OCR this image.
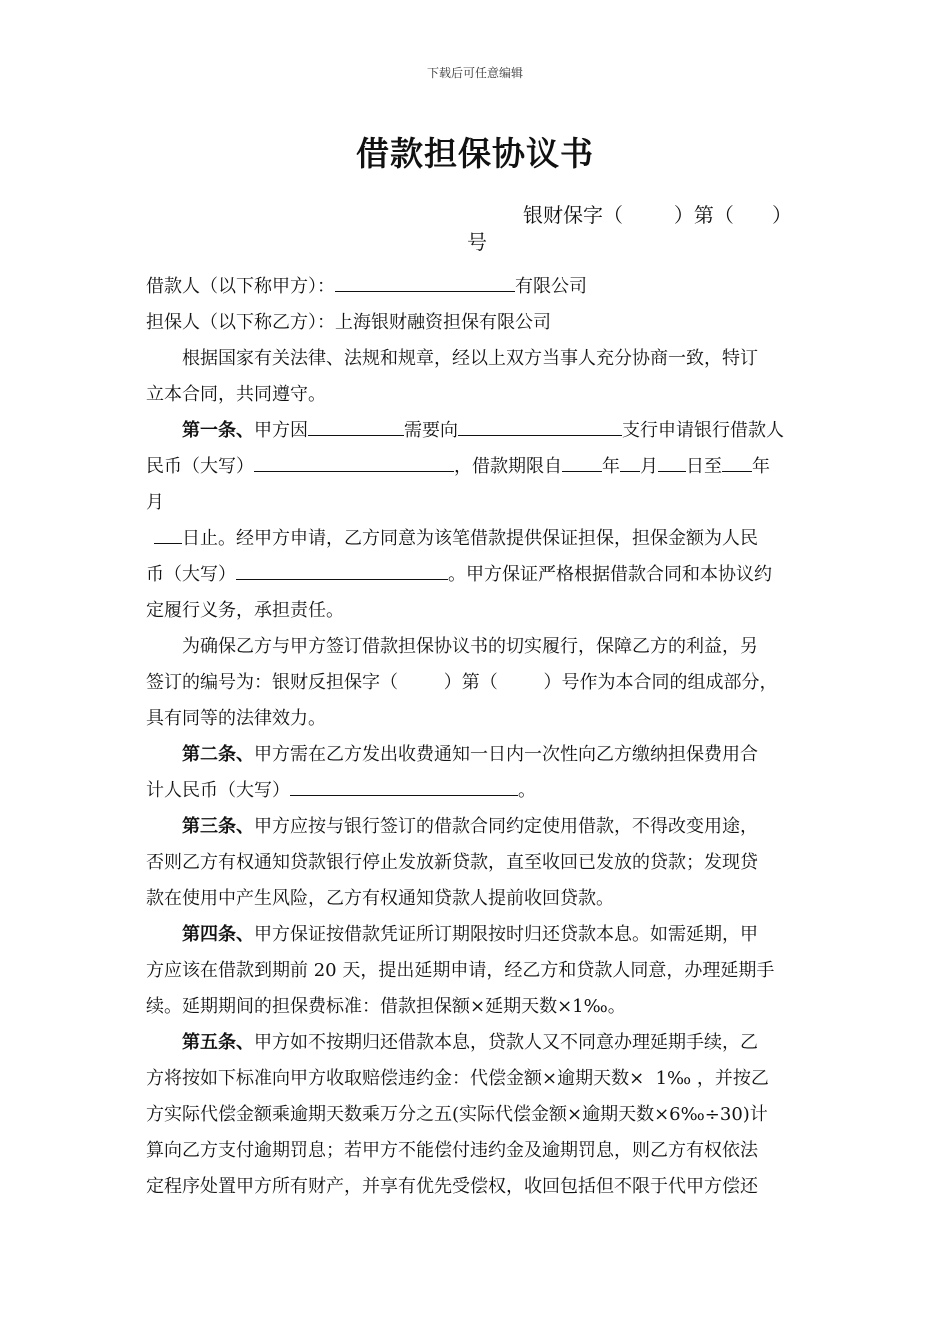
下载后可任意编辑
借款担保协议书
银财保字（        ）第（      ）
号
借款人（以下称甲方）：	有限公司
担保人（以下称乙方）：上海银财融资担保有限公司
根据国家有关法律、法规和规章，经以上双方当事人充分协商一致，特订
立本合同，共同遵守。
第一条、甲方因	需要向	支行申请银行借款人
民币（大写）	，借款期限自 年 月 日至 年
月
日止。经甲方申请，乙方同意为该笔借款提供保证担保，担保金额为人民
币（大写）	。甲方保证严格根据借款合同和本协议约
定履行义务，承担责任。
为确保乙方与甲方签订借款担保协议书的切实履行，保障乙方的利益，另
签订的编号为：银财反担保字（        ）第（        ）号作为本合同的组成部分，
具有同等的法律效力。
第二条、甲方需在乙方发出收费通知一日内一次性向乙方缴纳担保费用合
计人民币（大写）	。
第三条、甲方应按与银行签订的借款合同约定使用借款，不得改变用途，
否则乙方有权通知贷款银行停止发放新贷款，直至收回已发放的贷款；发现贷
款在使用中产生风险，乙方有权通知贷款人提前收回贷款。
第四条、甲方保证按借款凭证所订期限按时归还贷款本息。如需延期，甲
方应该在借款到期前 20 天，提出延期申请，经乙方和贷款人同意，办理延期手
续。延期期间的担保费标准：借款担保额×延期天数×1‰。
第五条、甲方如不按期归还借款本息，贷款人又不同意办理延期手续，乙
方将按如下标准向甲方收取赔偿违约金：代偿金额×逾期天数×  1‰ ，并按乙
方实际代偿金额乘逾期天数乘万分之五(实际代偿金额×逾期天数×6‰÷30)计
算向乙方支付逾期罚息；若甲方不能偿付违约金及逾期罚息，则乙方有权依法
定程序处置甲方所有财产，并享有优先受偿权，收回包括但不限于代甲方偿还
